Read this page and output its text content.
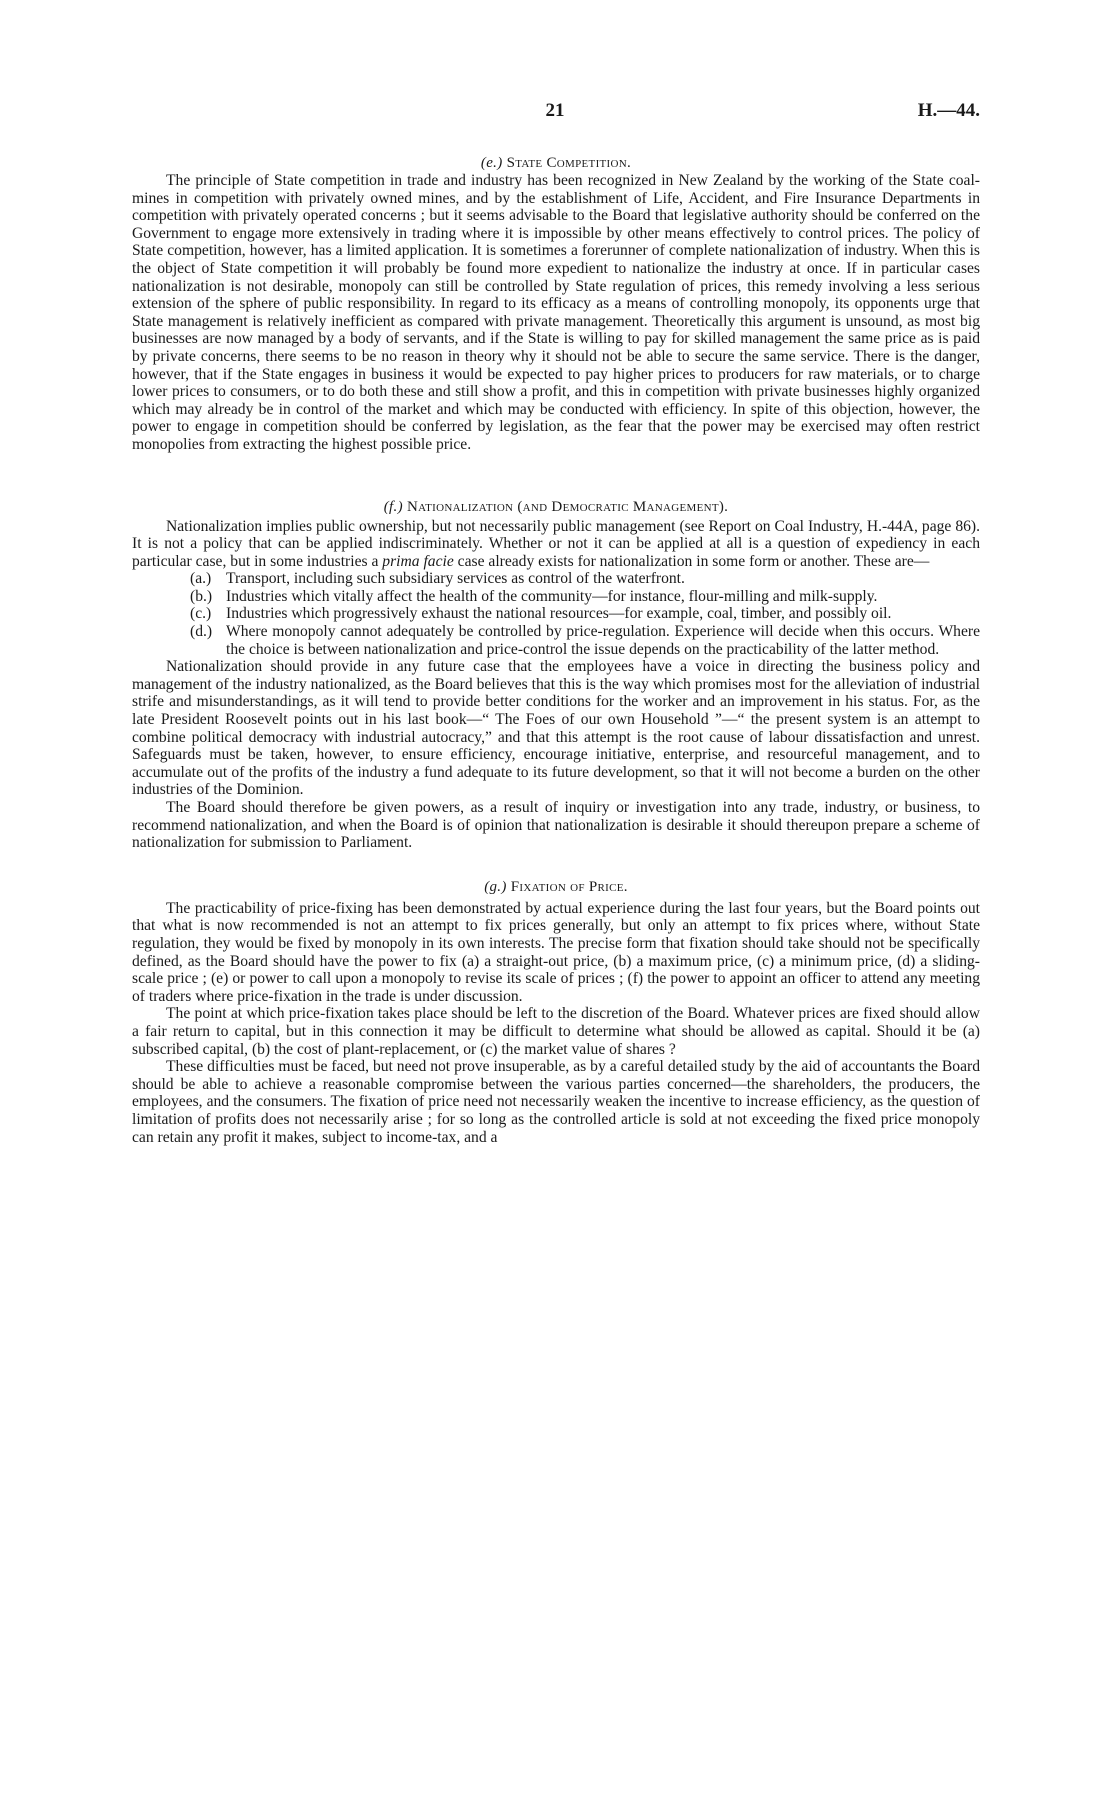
21	H.—44.
(e.) State Competition.

The principle of State competition in trade and industry has been recognized in New Zealand by the working of the State coal-mines in competition with privately owned mines, and by the establishment of Life, Accident, and Fire Insurance Departments in competition with privately operated concerns ; but it seems advisable to the Board that legislative authority should be conferred on the Government to engage more extensively in trading where it is impossible by other means effectively to control prices. The policy of State competition, however, has a limited application. It is sometimes a forerunner of complete nationalization of industry. When this is the object of State competition it will probably be found more expedient to nationalize the industry at once. If in particular cases nationalization is not desirable, monopoly can still be controlled by State regulation of prices, this remedy involving a less serious extension of the sphere of public responsibility. In regard to its efficacy as a means of controlling monopoly, its opponents urge that State management is relatively inefficient as compared with private management. Theoretically this argument is unsound, as most big businesses are now managed by a body of servants, and if the State is willing to pay for skilled management the same price as is paid by private concerns, there seems to be no reason in theory why it should not be able to secure the same service. There is the danger, however, that if the State engages in business it would be expected to pay higher prices to producers for raw materials, or to charge lower prices to consumers, or to do both these and still show a profit, and this in competition with private businesses highly organized which may already be in control of the market and which may be conducted with efficiency. In spite of this objection, however, the power to engage in competition should be conferred by legislation, as the fear that the power may be exercised may often restrict monopolies from extracting the highest possible price.

(f.) Nationalization (and Democratic Management).

Nationalization implies public ownership, but not necessarily public management (see Report on Coal Industry, H.-44A, page 86). It is not a policy that can be applied indiscriminately. Whether or not it can be applied at all is a question of expediency in each particular case, but in some industries a prima facie case already exists for nationalization in some form or another. These are—

(a.) Transport, including such subsidiary services as control of the waterfront.
(b.) Industries which vitally affect the health of the community—for instance, flour-milling and milk-supply.
(c.) Industries which progressively exhaust the national resources—for example, coal, timber, and possibly oil.
(d.) Where monopoly cannot adequately be controlled by price-regulation. Experience will decide when this occurs. Where the choice is between nationalization and price-control the issue depends on the practicability of the latter method.

Nationalization should provide in any future case that the employees have a voice in directing the business policy and management of the industry nationalized, as the Board believes that this is the way which promises most for the alleviation of industrial strife and misunderstandings, as it will tend to provide better conditions for the worker and an improvement in his status. For, as the late President Roosevelt points out in his last book—“ The Foes of our own Household ”—“ the present system is an attempt to combine political democracy with industrial autocracy,” and that this attempt is the root cause of labour dissatisfaction and unrest. Safeguards must be taken, however, to ensure efficiency, encourage initiative, enterprise, and resourceful management, and to accumulate out of the profits of the industry a fund adequate to its future development, so that it will not become a burden on the other industries of the Dominion.

The Board should therefore be given powers, as a result of inquiry or investigation into any trade, industry, or business, to recommend nationalization, and when the Board is of opinion that nationalization is desirable it should thereupon prepare a scheme of nationalization for submission to Parliament.

(g.) Fixation of Price.

The practicability of price-fixing has been demonstrated by actual experience during the last four years, but the Board points out that what is now recommended is not an attempt to fix prices generally, but only an attempt to fix prices where, without State regulation, they would be fixed by monopoly in its own interests. The precise form that fixation should take should not be specifically defined, as the Board should have the power to fix (a) a straight-out price, (b) a maximum price, (c) a minimum price, (d) a sliding-scale price ; (e) or power to call upon a monopoly to revise its scale of prices ; (f) the power to appoint an officer to attend any meeting of traders where price-fixation in the trade is under discussion.

The point at which price-fixation takes place should be left to the discretion of the Board. Whatever prices are fixed should allow a fair return to capital, but in this connection it may be difficult to determine what should be allowed as capital. Should it be (a) subscribed capital, (b) the cost of plant-replacement, or (c) the market value of shares ?

These difficulties must be faced, but need not prove insuperable, as by a careful detailed study by the aid of accountants the Board should be able to achieve a reasonable compromise between the various parties concerned—the shareholders, the producers, the employees, and the consumers. The fixation of price need not necessarily weaken the incentive to increase efficiency, as the question of limitation of profits does not necessarily arise ; for so long as the controlled article is sold at not exceeding the fixed price monopoly can retain any profit it makes, subject to income-tax, and a
